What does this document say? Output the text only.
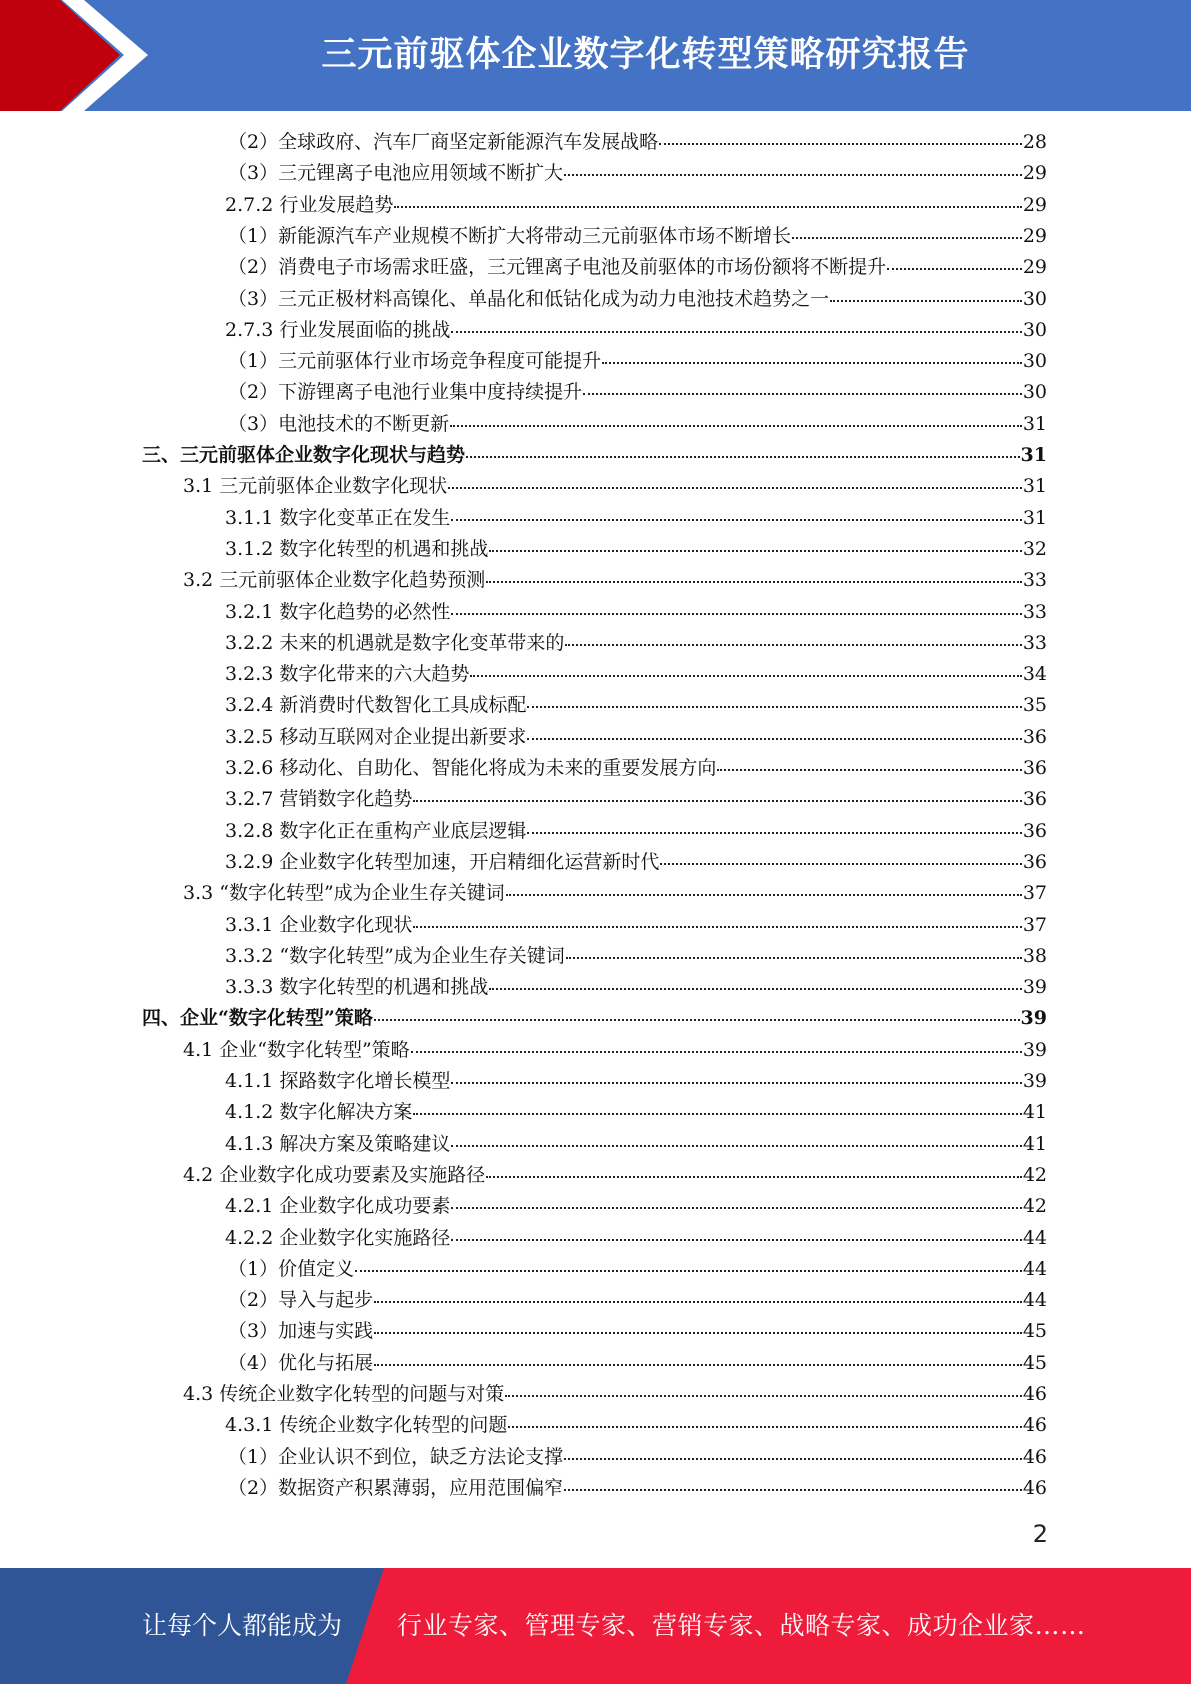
三元前驱体企业数字化转型策略研究报告
（2）全球政府、汽车厂商坚定新能源汽车发展战略	28
（3）三元锂离子电池应用领域不断扩大	29
2.7.2 行业发展趋势	29
（1）新能源汽车产业规模不断扩大将带动三元前驱体市场不断增长	29
（2）消费电子市场需求旺盛，三元锂离子电池及前驱体的市场份额将不断提升	29
（3）三元正极材料高镍化、单晶化和低钴化成为动力电池技术趋势之一	30
2.7.3 行业发展面临的挑战	30
（1）三元前驱体行业市场竞争程度可能提升	30
（2）下游锂离子电池行业集中度持续提升	30
（3）电池技术的不断更新	31
三、三元前驱体企业数字化现状与趋势	31
3.1 三元前驱体企业数字化现状	31
3.1.1 数字化变革正在发生	31
3.1.2 数字化转型的机遇和挑战	32
3.2 三元前驱体企业数字化趋势预测	33
3.2.1 数字化趋势的必然性	33
3.2.2 未来的机遇就是数字化变革带来的	33
3.2.3 数字化带来的六大趋势	34
3.2.4 新消费时代数智化工具成标配	35
3.2.5 移动互联网对企业提出新要求	36
3.2.6 移动化、自助化、智能化将成为未来的重要发展方向	36
3.2.7 营销数字化趋势	36
3.2.8 数字化正在重构产业底层逻辑	36
3.2.9 企业数字化转型加速，开启精细化运营新时代	36
3.3 “数字化转型”成为企业生存关键词	37
3.3.1 企业数字化现状	37
3.3.2 “数字化转型”成为企业生存关键词	38
3.3.3 数字化转型的机遇和挑战	39
四、企业“数字化转型”策略	39
4.1 企业“数字化转型”策略	39
4.1.1 探路数字化增长模型	39
4.1.2 数字化解决方案	41
4.1.3 解决方案及策略建议	41
4.2 企业数字化成功要素及实施路径	42
4.2.1 企业数字化成功要素	42
4.2.2 企业数字化实施路径	44
（1）价值定义	44
（2）导入与起步	44
（3）加速与实践	45
（4）优化与拓展	45
4.3 传统企业数字化转型的问题与对策	46
4.3.1 传统企业数字化转型的问题	46
（1）企业认识不到位，缺乏方法论支撑	46
（2）数据资产积累薄弱，应用范围偏窄	46
2
让每个人都能成为 行业专家、管理专家、营销专家、战略专家、成功企业家……
